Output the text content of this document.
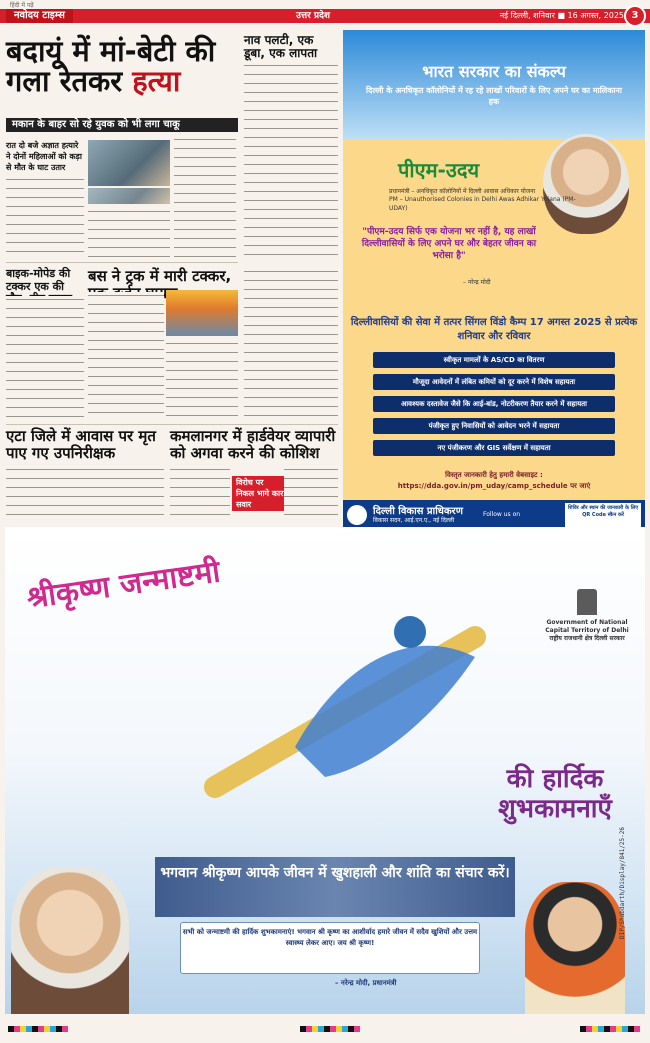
हिंदी में पढ़ें
नवोदय टाइम्स	उत्तर प्रदेश	नई दिल्ली, शनिवार ■ 16 अगस्त, 2025 3
बदायूं में मां-बेटी की
गला रेतकर हत्या
मकान के बाहर सो रहे युवक को भी लगा चाकू
रात दो बजे अज्ञात हत्यारे ने दोनों महिलाओं को कड़ा से मौत के घाट उतार
नाव पलटी, एक डूबा, एक लापता
बाइक-मोपेड की टक्कर एक की
बस ने ट्रक में मारी टक्कर,
एटा जिले में आवास पर मृत पाए गए उपनिरीक्षक
कमलानगर में हार्डवेयर व्यापारी को अगवा करने की कोशिश
विरोध पर निकल भागे कार सवार
भारत सरकार का संकल्प
दिल्ली के अनधिकृत कॉलोनियों में रह रहे लाखों परिवारों के लिए अपने घर का मालिकाना हक
पीएम-उदय
प्रधानमंत्री – अनधिकृत कॉलोनियों में दिल्ली आवास अधिकार योजना
PM – Unauthorised Colonies in Delhi Awas Adhikar Yojana (PM-UDAY)
"पीएम-उदय सिर्फ एक योजना भर नहीं है, यह लाखों दिल्लीवासियों के लिए अपने घर और बेहतर जीवन का भरोसा है"
– नरेन्द्र मोदी
दिल्लीवासियों की सेवा में तत्पर सिंगल विंडो कैम्प 17 अगस्त 2025 से प्रत्येक शनिवार और रविवार
स्वीकृत मामलों के AS/CD का वितरण
मौजूदा आवेदनों में लंबित कमियों को दूर करने में विशेष सहायता
आवश्यक दस्तावेज जैसे कि आई-बांड, नोटरीकरण तैयार करने में सहायता
पंजीकृत हुए निवासियों को आवेदन भरने में सहायता
नए पंजीकरण और GIS सर्वेक्षण में सहायता
विस्तृत जानकारी हेतु हमारी वेबसाइट :
https://dda.gov.in/pm_uday/camp_schedule पर जाएं
दिल्ली विकास प्राधिकरण
विकास सदन, आई.एन.ए., नई दिल्ली
Follow us on
शिविर और स्थान की जानकारी के लिए QR Code स्कैन करें
श्रीकृष्ण जन्माष्टमी
Government of National Capital Territory of Delhi
राष्ट्रीय राजधानी क्षेत्र दिल्ली सरकार
की हार्दिक शुभकामनाएँ
भगवान श्रीकृष्ण आपके जीवन में खुशहाली और शांति का संचार करें।
सभी को जन्माष्टमी की हार्दिक शुभकामनाएं! भगवान श्री कृष्ण का आशीर्वाद हमारे जीवन में सदैव खुशियों और उत्तम स्वास्थ्य लेकर आए। जय श्री कृष्ण!
– नरेन्द्र मोदी, प्रधानमंत्री
DIP/Shabdarth/Display/841/25-26
